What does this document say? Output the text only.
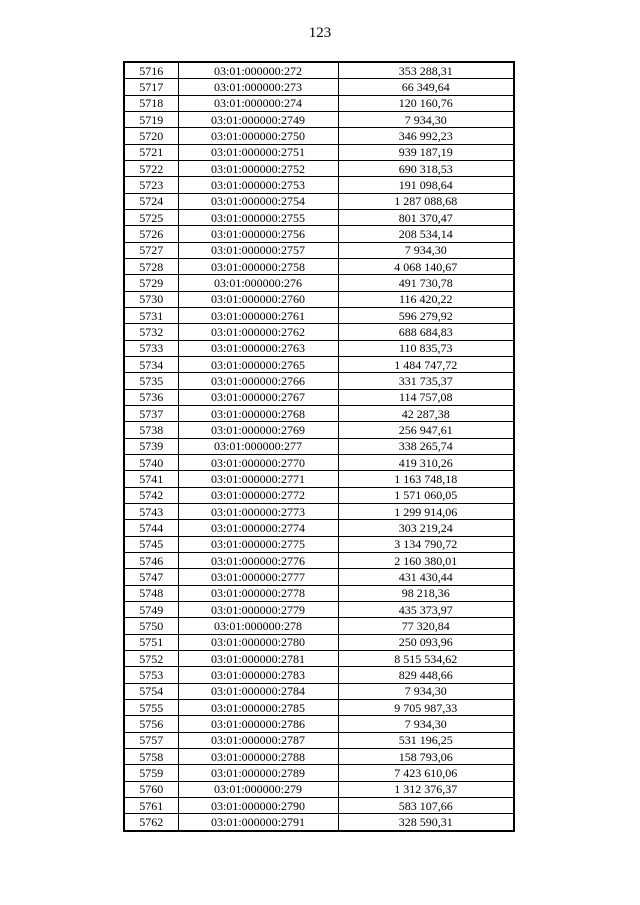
123
5716	03:01:000000:272	353 288,31
5717	03:01:000000:273	66 349,64
5718	03:01:000000:274	120 160,76
5719	03:01:000000:2749	7 934,30
5720	03:01:000000:2750	346 992,23
5721	03:01:000000:2751	939 187,19
5722	03:01:000000:2752	690 318,53
5723	03:01:000000:2753	191 098,64
5724	03:01:000000:2754	1 287 088,68
5725	03:01:000000:2755	801 370,47
5726	03:01:000000:2756	208 534,14
5727	03:01:000000:2757	7 934,30
5728	03:01:000000:2758	4 068 140,67
5729	03:01:000000:276	491 730,78
5730	03:01:000000:2760	116 420,22
5731	03:01:000000:2761	596 279,92
5732	03:01:000000:2762	688 684,83
5733	03:01:000000:2763	110 835,73
5734	03:01:000000:2765	1 484 747,72
5735	03:01:000000:2766	331 735,37
5736	03:01:000000:2767	114 757,08
5737	03:01:000000:2768	42 287,38
5738	03:01:000000:2769	256 947,61
5739	03:01:000000:277	338 265,74
5740	03:01:000000:2770	419 310,26
5741	03:01:000000:2771	1 163 748,18
5742	03:01:000000:2772	1 571 060,05
5743	03:01:000000:2773	1 299 914,06
5744	03:01:000000:2774	303 219,24
5745	03:01:000000:2775	3 134 790,72
5746	03:01:000000:2776	2 160 380,01
5747	03:01:000000:2777	431 430,44
5748	03:01:000000:2778	98 218,36
5749	03:01:000000:2779	435 373,97
5750	03:01:000000:278	77 320,84
5751	03:01:000000:2780	250 093,96
5752	03:01:000000:2781	8 515 534,62
5753	03:01:000000:2783	829 448,66
5754	03:01:000000:2784	7 934,30
5755	03:01:000000:2785	9 705 987,33
5756	03:01:000000:2786	7 934,30
5757	03:01:000000:2787	531 196,25
5758	03:01:000000:2788	158 793,06
5759	03:01:000000:2789	7 423 610,06
5760	03:01:000000:279	1 312 376,37
5761	03:01:000000:2790	583 107,66
5762	03:01:000000:2791	328 590,31
